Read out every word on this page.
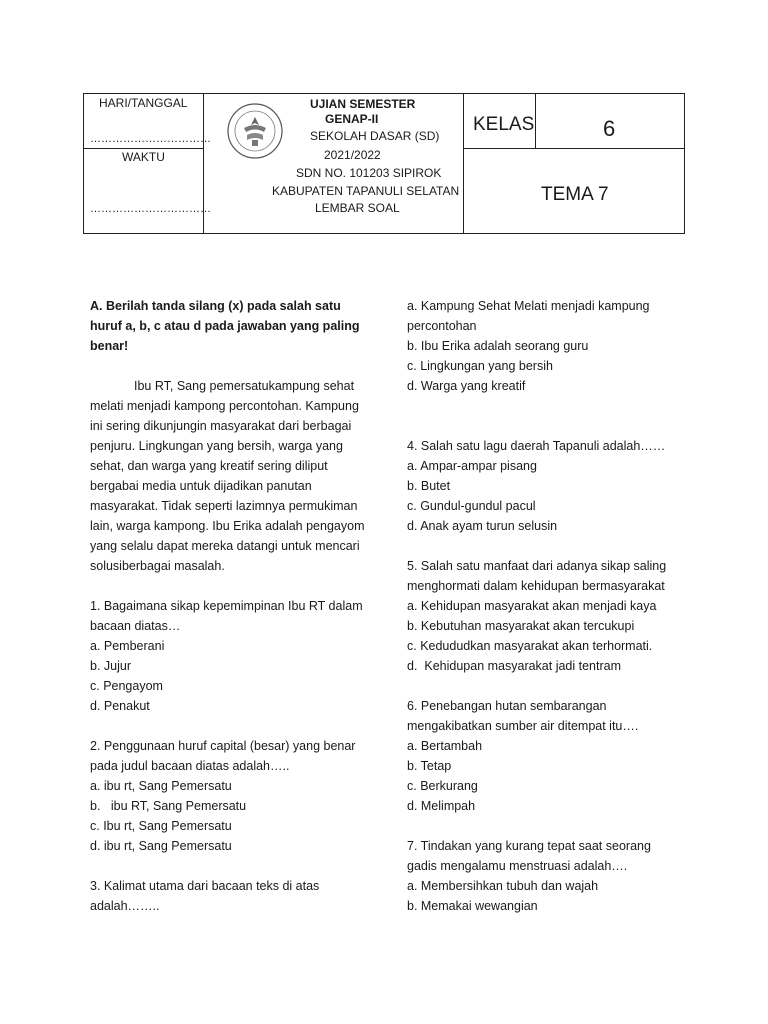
HARI/TANGGAL
……………………………
WAKTU
……………………………
UJIAN SEMESTER
GENAP-II
SEKOLAH DASAR (SD)
2021/2022
SDN NO. 101203 SIPIROK
KABUPATEN TAPANULI SELATAN
LEMBAR SOAL
KELAS	6
TEMA 7

A. Berilah tanda silang (x) pada salah satu huruf a, b, c atau d pada jawaban yang paling benar!

Ibu RT, Sang pemersatukampung sehat melati menjadi kampong percontohan. Kampung ini sering dikunjungin masyarakat dari berbagai penjuru. Lingkungan yang bersih, warga yang sehat, dan warga yang kreatif sering diliput bergabai media untuk dijadikan panutan masyarakat. Tidak seperti lazimnya permukiman lain, warga kampong. Ibu Erika adalah pengayom yang selalu dapat mereka datangi untuk mencari solusiberbagai masalah.

1. Bagaimana sikap kepemimpinan Ibu RT dalam bacaan diatas…

a. Pemberani

b. Jujur

c. Pengayom

d. Penakut

2. Penggunaan huruf capital (besar) yang benar pada judul bacaan diatas adalah…..

a. ibu rt, Sang Pemersatu

b.   ibu RT, Sang Pemersatu

c. Ibu rt, Sang Pemersatu

d. ibu rt, Sang Pemersatu

3. Kalimat utama dari bacaan teks di atas adalah……..

a. Kampung Sehat Melati menjadi kampung percontohan

b. Ibu Erika adalah seorang guru

c. Lingkungan yang bersih

d. Warga yang kreatif

4. Salah satu lagu daerah Tapanuli adalah……

a. Ampar-ampar pisang

b. Butet

c. Gundul-gundul pacul

d. Anak ayam turun selusin

5. Salah satu manfaat dari adanya sikap saling menghormati dalam kehidupan bermasyarakat

a. Kehidupan masyarakat akan menjadi kaya

b. Kebutuhan masyarakat akan tercukupi

c. Kedududkan masyarakat akan terhormati.

d.  Kehidupan masyarakat jadi tentram

6. Penebangan hutan sembarangan mengakibatkan sumber air ditempat itu….

a. Bertambah

b. Tetap

c. Berkurang

d. Melimpah

7. Tindakan yang kurang tepat saat seorang gadis mengalamu menstruasi adalah….

a. Membersihkan tubuh dan wajah

b. Memakai wewangian
